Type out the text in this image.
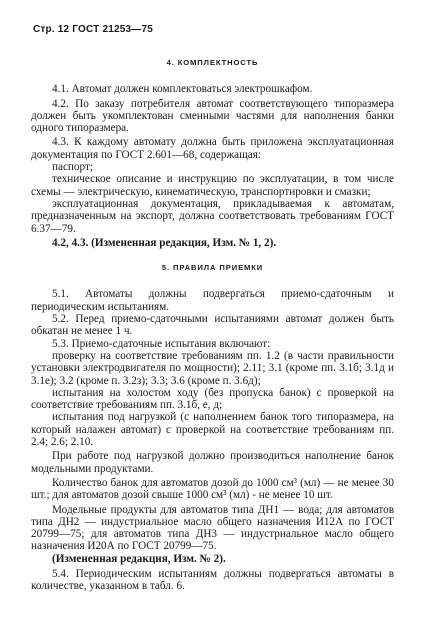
Стр. 12 ГОСТ 21253—75
4. КОМПЛЕКТНОСТЬ

4.1. Автомат должен комплектоваться электрошкафом.

4.2. По заказу потребителя автомат соответствующего типоразмера должен быть укомплектован сменными частями для наполнения банки одного типоразмера.

4.3. К каждому автомату должна быть приложена эксплуатационная документация по ГОСТ 2.601—68, содержащая:

паспорт;

техническое описание и инструкцию по эксплуатации, в том числе схемы — электрическую, кинематическую, транспортировки и смазки;

эксплуатационная документация, прикладываемая к автоматам, предназначенным на экспорт, должна соответствовать требованиям ГОСТ 6.37—79.

4.2, 4.3. (Измененная редакция, Изм. № 1, 2).

5. ПРАВИЛА ПРИЕМКИ

5.1. Автоматы должны подвергаться приемо-сдаточным и периодическим испытаниям.

5.2. Перед приемо-сдаточными испытаниями автомат должен быть обкатан не менее 1 ч.

5.3. Приемо-сдаточные испытания включают:

проверку на соответствие требованиям пп. 1.2 (в части правильности установки электродвигателя по мощности); 2.11; 3.1 (кроме пп. 3.1б; 3.1д и 3.1е); 3.2 (кроме п. 3.2з); 3.3; 3.6 (кроме п. 3.6д);

испытания на холостом ходу (без пропуска банок) с проверкой на соответствие требованиям пп. 3.1б, е, д;

испытания под нагрузкой (с наполнением банок того типоразмера, на который налажен автомат) с проверкой на соответствие требованиям пп. 2.4; 2.6; 2.10.

При работе под нагрузкой должно производиться наполнение банок модельными продуктами.

Количество банок для автоматов дозой до 1000 см³ (мл) — не менее 30 шт.; для автоматов дозой свыше 1000 см³ (мл) - не менее 10 шт.

Модельные продукты для автоматов типа ДН1 — вода; для автоматов типа ДН2 — индустриальное масло общего назначения И12А по ГОСТ 20799—75; для автоматов типа ДН3 — индустриальное масло общего назначения И20А по ГОСТ 20799—75.

(Измененная редакция, Изм. № 2).

5.4. Периодическим испытаниям должны подвергаться автоматы в количестве, указанном в табл. 6.
